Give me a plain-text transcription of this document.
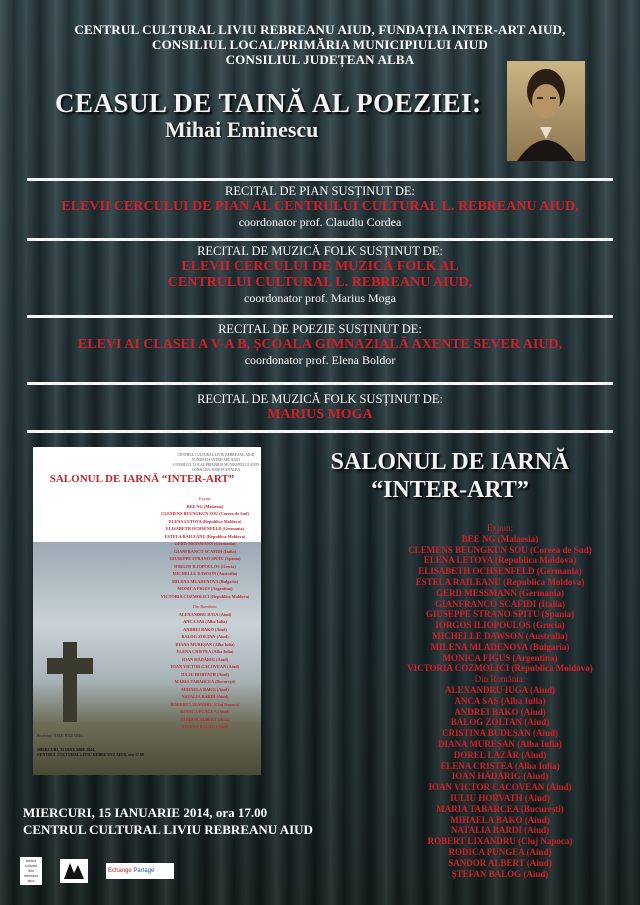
CENTRUL CULTURAL LIVIU REBREANU AIUD, FUNDAȚIA INTER-ART AIUD,
CONSILIUL LOCAL/PRIMĂRIA MUNICIPIULUI AIUD
CONSILIUL JUDEȚEAN ALBA
CEASUL DE TAINĂ AL POEZIEI:
Mihai Eminescu
RECITAL DE PIAN SUSȚINUT DE:
ELEVII CERCULUI DE PIAN AL CENTRULUI CULTURAL L. REBREANU AIUD,
coordonator prof. Claudiu Cordea
RECITAL DE MUZICĂ FOLK SUSȚINUT DE:
ELEVII CERCULUI DE MUZICĂ FOLK AL
CENTRULUI CULTURAL L. REBREANU AIUD,
coordonator prof. Marius Moga
RECITAL DE POEZIE SUSȚINUT DE:
ELEVI AI CLASEI A V-A B, ȘCOALA GIMNAZIALĂ AXENTE SEVER AIUD,
coordonator prof. Elena Boldor
RECITAL DE MUZICĂ FOLK SUSȚINUT DE:
MARIUS MOGA
CENTRUL CULTURAL LIVIU REBREANU AIUD
FUNDAȚIA INTER-ART AIUD
CONSILIUL LOCAL/PRIMĂRIA MUNICIPIULUI AIUD
CONSILIUL JUDEȚEAN ALBA
SALONUL DE IARNĂ “INTER-ART”
Expun:
BEE NG (Malaesia)
CLEMENS BEUNGKUN SOU (Coreea de Sud)
ELENA LETOVA (Republica Moldova)
ELISABETH OCHSENFELD (Germania)
ESTELA RAILEANU (Republica Moldova)
GERD MESSMANN (Germania)
GIANFRANCO SCAFIDI (Italia)
GIUSEPPE STRANO SPITU (Spania)
IORGOS ILIOPOULOS (Grecia)
MICHELLE DAWSON (Australia)
MILENA MLADENOVA (Bulgaria)
MONICA FIGUS (Argentina)
VICTORIA COZMOLICI (Republica Moldova)
Din România:
ALEXANDRU IUGA (Aiud)
ANCA SAS (Alba Iulia)
ANDREI BAKO (Aiud)
BALOG ZOLTAN (Aiud)
DIANA MUREȘAN (Alba Iulia)
ELENA CRISTEA (Alba Iulia)
IOAN HĂDĂRIG (Aiud)
IOAN VICTOR CACOVEAN (Aiud)
IULIU HORVATH (Aiud)
MARIA TABARCEA (București)
MIHAELA BAKO (Aiud)
NATALIA BARDI (Aiud)
ROBERT LIXANDRU (Cluj Napoca)
RODICA PUNGEA (Aiud)
SANDOR ALBERT (Aiud)
ȘTEFAN BALOG (Aiud)
Proiectul: IOAN HĂDĂRIG
MIERCURI, 15 IANUARIE 2014,
CENTRUL CULTURAL LIVIU REBREANU AIUD, ora 17.00
SALONUL DE IARNĂ
“INTER-ART”
Expun:
BEE NG (Malaesia)
CLEMENS BEUNGKUN SOU (Coreea de Sud)
ELENA LETOVA (Republica Moldova)
ELISABETH OCHSENFELD (Germania)
ESTELA RAILEANU (Republica Moldova)
GERD MESSMANN (Germania)
GIANFRANCO SCAFIDI (Italia)
GIUSEPPE STRANO SPITU (Spania)
IORGOS ILIOPOULOS (Grecia)
MICHELLE DAWSON (Australia)
MILENA MLADENOVA (Bulgaria)
MONICA FIGUS (Argentina)
VICTORIA COZMOLICI (Republica Moldova)
Din România:
ALEXANDRU IUGA (Aiud)
ANCA SAS (Alba Iulia)
ANDREI BAKO (Aiud)
BALOG ZOLTAN (Aiud)
CRISTINA BUDEȘAN (Aiud)
DIANA MUREȘAN (Alba Iulia)
DOREL LAZĂR (Aiud)
ELENA CRISTEA (Alba Iulia)
IOAN HĂDĂRIG (Aiud)
IOAN VICTOR CACOVEAN (Aiud)
IULIU HORVATH (Aiud)
MARIA TABARCEA (București)
MIHAELA BAKO (Aiud)
NATALIA BARDI (Aiud)
ROBERT LIXANDRU (Cluj Napoca)
RODICA PUNGEA (Aiud)
SANDOR ALBERT (Aiud)
ȘTEFAN BALOG (Aiud)
MIERCURI, 15 IANUARIE 2014, ora 17.00
CENTRUL CULTURAL LIVIU REBREANU AIUD
centrul
cultural
liviu
rebreanu
aiud
Echange Partage
